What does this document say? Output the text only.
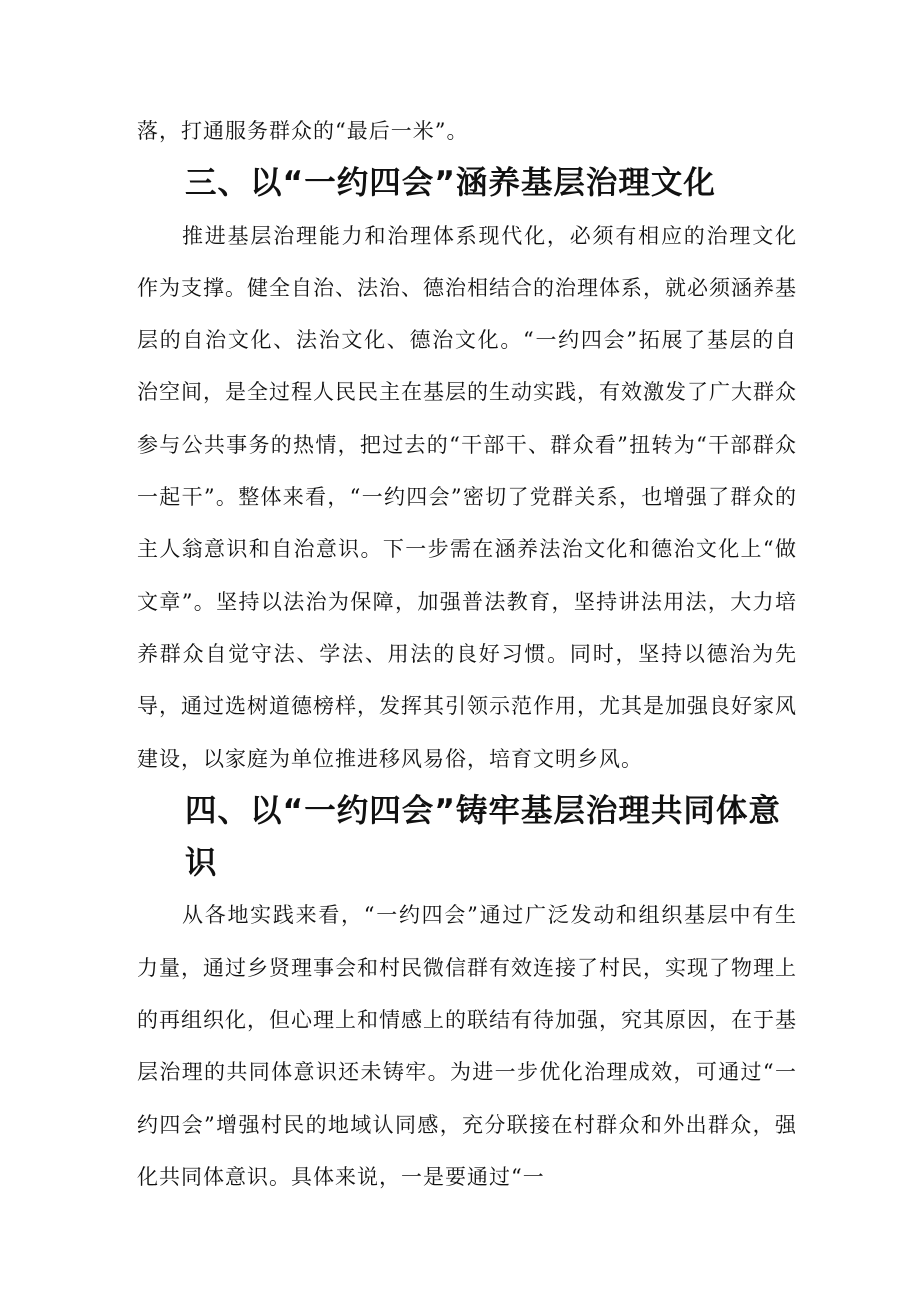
落，打通服务群众的“最后一米”。

三、以“一约四会”涵养基层治理文化

推进基层治理能力和治理体系现代化，必须有相应的治理文化作为支撑。健全自治、法治、德治相结合的治理体系，就必须涵养基层的自治文化、法治文化、德治文化。“一约四会”拓展了基层的自治空间，是全过程人民民主在基层的生动实践，有效激发了广大群众参与公共事务的热情，把过去的“干部干、群众看”扭转为“干部群众一起干”。整体来看，“一约四会”密切了党群关系，也增强了群众的主人翁意识和自治意识。下一步需在涵养法治文化和德治文化上“做文章”。坚持以法治为保障，加强普法教育，坚持讲法用法，大力培养群众自觉守法、学法、用法的良好习惯。同时，坚持以德治为先导，通过选树道德榜样，发挥其引领示范作用，尤其是加强良好家风建设，以家庭为单位推进移风易俗，培育文明乡风。

四、以“一约四会”铸牢基层治理共同体意识

从各地实践来看，“一约四会”通过广泛发动和组织基层中有生力量，通过乡贤理事会和村民微信群有效连接了村民，实现了物理上的再组织化，但心理上和情感上的联结有待加强，究其原因，在于基层治理的共同体意识还未铸牢。为进一步优化治理成效，可通过“一约四会”增强村民的地域认同感，充分联接在村群众和外出群众，强化共同体意识。具体来说，一是要通过“一
